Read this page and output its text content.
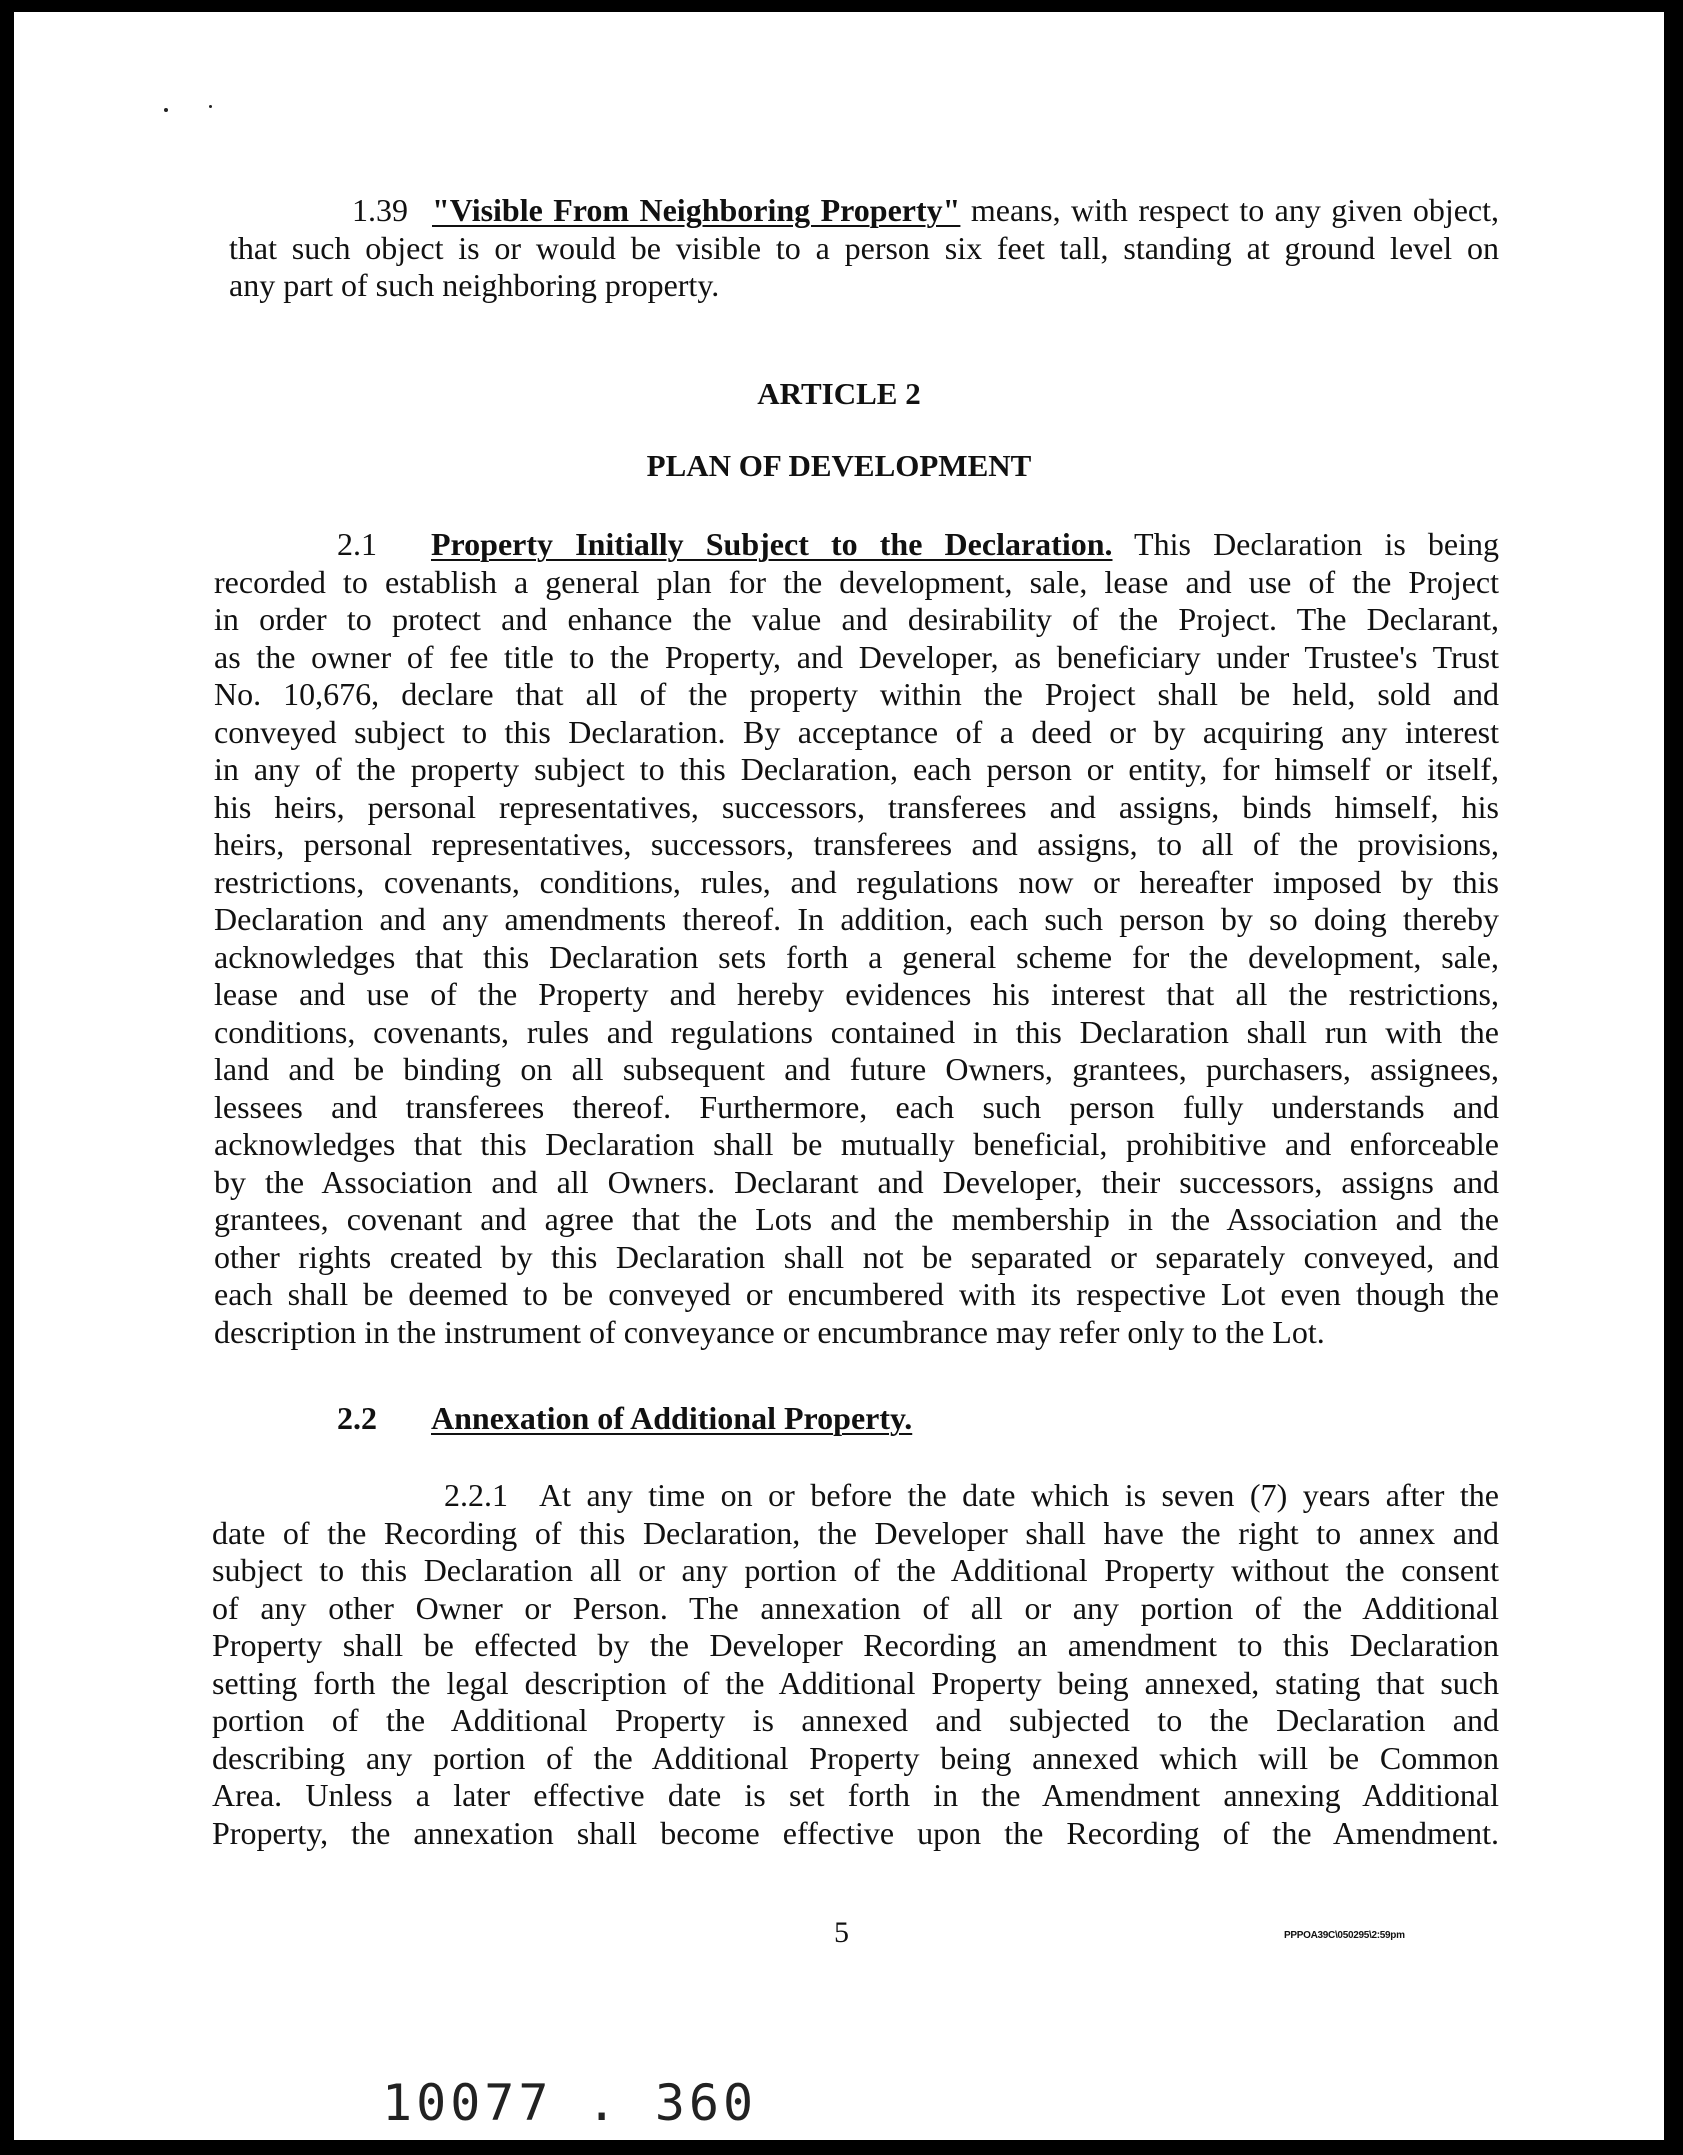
1.39 "Visible From Neighboring Property" means, with respect to any given object,
that such object is or would be visible to a person six feet tall, standing at ground level on
any part of such neighboring property.
ARTICLE 2
PLAN OF DEVELOPMENT
2.1 Property Initially Subject to the Declaration. This Declaration is being
recorded to establish a general plan for the development, sale, lease and use of the Project
in order to protect and enhance the value and desirability of the Project. The Declarant,
as the owner of fee title to the Property, and Developer, as beneficiary under Trustee's Trust
No. 10,676, declare that all of the property within the Project shall be held, sold and
conveyed subject to this Declaration. By acceptance of a deed or by acquiring any interest
in any of the property subject to this Declaration, each person or entity, for himself or itself,
his heirs, personal representatives, successors, transferees and assigns, binds himself, his
heirs, personal representatives, successors, transferees and assigns, to all of the provisions,
restrictions, covenants, conditions, rules, and regulations now or hereafter imposed by this
Declaration and any amendments thereof. In addition, each such person by so doing thereby
acknowledges that this Declaration sets forth a general scheme for the development, sale,
lease and use of the Property and hereby evidences his interest that all the restrictions,
conditions, covenants, rules and regulations contained in this Declaration shall run with the
land and be binding on all subsequent and future Owners, grantees, purchasers, assignees,
lessees and transferees thereof. Furthermore, each such person fully understands and
acknowledges that this Declaration shall be mutually beneficial, prohibitive and enforceable
by the Association and all Owners. Declarant and Developer, their successors, assigns and
grantees, covenant and agree that the Lots and the membership in the Association and the
other rights created by this Declaration shall not be separated or separately conveyed, and
each shall be deemed to be conveyed or encumbered with its respective Lot even though the
description in the instrument of conveyance or encumbrance may refer only to the Lot.
2.2 Annexation of Additional Property.
2.2.1 At any time on or before the date which is seven (7) years after the
date of the Recording of this Declaration, the Developer shall have the right to annex and
subject to this Declaration all or any portion of the Additional Property without the consent
of any other Owner or Person. The annexation of all or any portion of the Additional
Property shall be effected by the Developer Recording an amendment to this Declaration
setting forth the legal description of the Additional Property being annexed, stating that such
portion of the Additional Property is annexed and subjected to the Declaration and
describing any portion of the Additional Property being annexed which will be Common
Area. Unless a later effective date is set forth in the Amendment annexing Additional
Property, the annexation shall become effective upon the Recording of the Amendment.
5	PPPOA39C\050295\2:59pm
10077 . 360
